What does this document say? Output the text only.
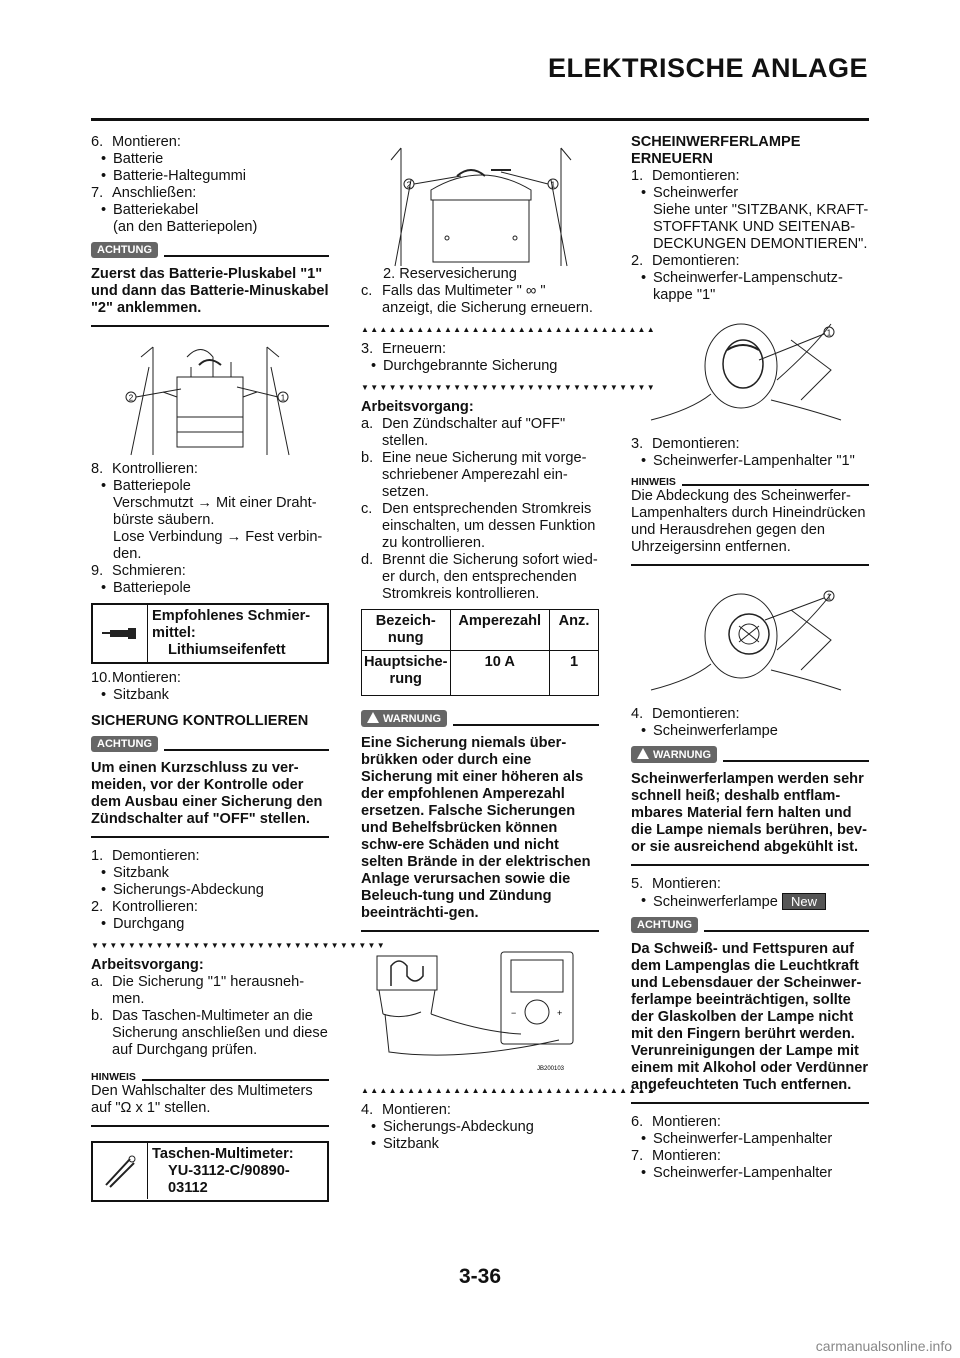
ELEKTRISCHE ANLAGE
6. Montieren:
• Batterie
• Batterie-Haltegummi
7. Anschließen:
• Batteriekabel
(an den Batteriepolen)
ACHTUNG
Zuerst das Batterie-Pluskabel "1" und dann das Batterie-Minuskabel "2" anklemmen.
2	1
8. Kontrollieren:
• Batteriepole
Verschmutzt → Mit einer Draht-bürste säubern.
Lose Verbindung → Fest verbin-den.
9. Schmieren:
• Batteriepole
Empfohlenes Schmier-mittel:
Lithiumseifenfett
10. Montieren:
• Sitzbank
SICHERUNG KONTROLLIEREN
ACHTUNG
Um einen Kurzschluss zu ver-meiden, vor der Kontrolle oder dem Ausbau einer Sicherung den Zündschalter auf "OFF" stellen.
1. Demontieren:
• Sitzbank
• Sicherungs-Abdeckung
2. Kontrollieren:
• Durchgang
▼▼▼▼▼▼▼▼▼▼▼▼▼▼▼▼▼▼▼▼▼▼▼▼▼▼▼▼▼▼▼▼
Arbeitsvorgang:
a. Die Sicherung "1" herausneh-men.
b. Das Taschen-Multimeter an die Sicherung anschließen und diese auf Durchgang prüfen.
HINWEIS
Den Wahlschalter des Multimeters auf "Ω x 1" stellen.
Taschen-Multimeter:
YU-3112-C/90890-03112
2	1
2. Reservesicherung
c. Falls das Multimeter " ∞ " anzeigt, die Sicherung erneuern.
▲▲▲▲▲▲▲▲▲▲▲▲▲▲▲▲▲▲▲▲▲▲▲▲▲▲▲▲▲▲▲▲
3. Erneuern:
• Durchgebrannte Sicherung
▼▼▼▼▼▼▼▼▼▼▼▼▼▼▼▼▼▼▼▼▼▼▼▼▼▼▼▼▼▼▼▼
Arbeitsvorgang:
a. Den Zündschalter auf "OFF" stellen.
b. Eine neue Sicherung mit vorge-schriebener Amperezahl ein-setzen.
c. Den entsprechenden Stromkreis einschalten, um dessen Funktion zu kontrollieren.
d. Brennt die Sicherung sofort wied-er durch, den entsprechenden Stromkreis kontrollieren.
Bezeich-nung	Amperezahl	Anz.
Hauptsiche-rung	10 A	1
WARNUNG
Eine Sicherung niemals über-brükken oder durch eine Sicherung mit einer höheren als der empfohlenen Amperezahl ersetzen. Falsche Sicherungen und Behelfsbrücken können schw-ere Schäden und nicht selten Brände in der elektrischen Anlage verursachen sowie die Beleuch-tung und Zündung beeinträchti-gen.
−	+
JB200103
▲▲▲▲▲▲▲▲▲▲▲▲▲▲▲▲▲▲▲▲▲▲▲▲▲▲▲▲▲▲▲▲
4. Montieren:
• Sicherungs-Abdeckung
• Sitzbank
SCHEINWERFERLAMPE ERNEUERN
1. Demontieren:
• Scheinwerfer
Siehe unter "SITZBANK, KRAFT-STOFFTANK UND SEITENAB-DECKUNGEN DEMONTIEREN".
2. Demontieren:
• Scheinwerfer-Lampenschutz-kappe "1"
1
3. Demontieren:
• Scheinwerfer-Lampenhalter "1"
HINWEIS
Die Abdeckung des Scheinwerfer-Lampenhalters durch Hineindrücken und Herausdrehen gegen den Uhrzeigersinn entfernen.
1
4. Demontieren:
• Scheinwerferlampe
WARNUNG
Scheinwerferlampen werden sehr schnell heiß; deshalb entflam-mbares Material fern halten und die Lampe niemals berühren, bev-or sie ausreichend abgekühlt ist.
5. Montieren:
• Scheinwerferlampe New
ACHTUNG
Da Schweiß- und Fettspuren auf dem Lampenglas die Leuchtkraft und Lebensdauer der Scheinwer-ferlampe beeinträchtigen, sollte der Glaskolben der Lampe nicht mit den Fingern berührt werden. Verunreinigungen der Lampe mit einem mit Alkohol oder Verdünner angefeuchteten Tuch entfernen.
6. Montieren:
• Scheinwerfer-Lampenhalter
7. Montieren:
• Scheinwerfer-Lampenhalter
3-36
carmanualsonline.info
